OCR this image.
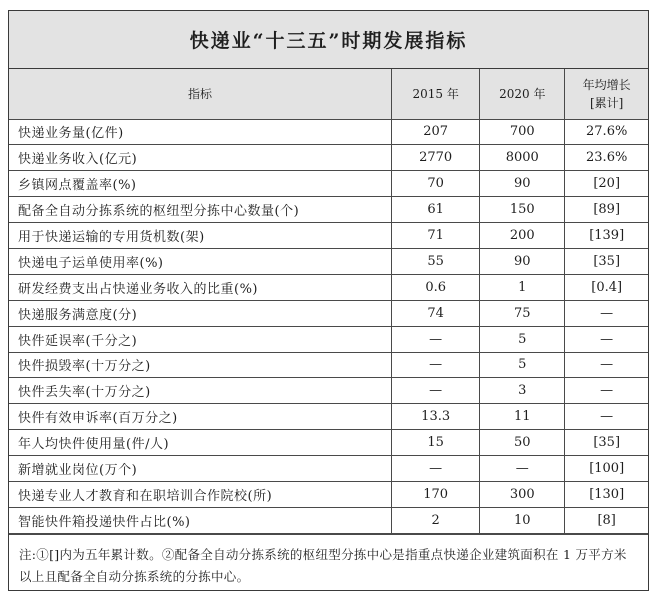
快递业“十三五”时期发展指标
指标	2015 年	2020 年	年均增长
[累计]

快递业务量(亿件)	207	700	27.6%
快递业务收入(亿元)	2770	8000	23.6%
乡镇网点覆盖率(%)	70	90	[20]
配备全自动分拣系统的枢纽型分拣中心数量(个)	61	150	[89]
用于快递运输的专用货机数(架)	71	200	[139]
快递电子运单使用率(%)	55	90	[35]
研发经费支出占快递业务收入的比重(%)	0.6	1	[0.4]
快递服务满意度(分)	74	75	—
快件延误率(千分之)	—	5	—
快件损毁率(十万分之)	—	5	—
快件丢失率(十万分之)	—	3	—
快件有效申诉率(百万分之)	13.3	11	—
年人均快件使用量(件/人)	15	50	[35]
新增就业岗位(万个)	—	—	[100]
快递专业人才教育和在职培训合作院校(所)	170	300	[130]
智能快件箱投递快件占比(%)	2	10	[8]
注:①[]内为五年累计数。②配备全自动分拣系统的枢纽型分拣中心是指重点快递企业建筑面积在 1 万平方米以上且配备全自动分拣系统的分拣中心。
